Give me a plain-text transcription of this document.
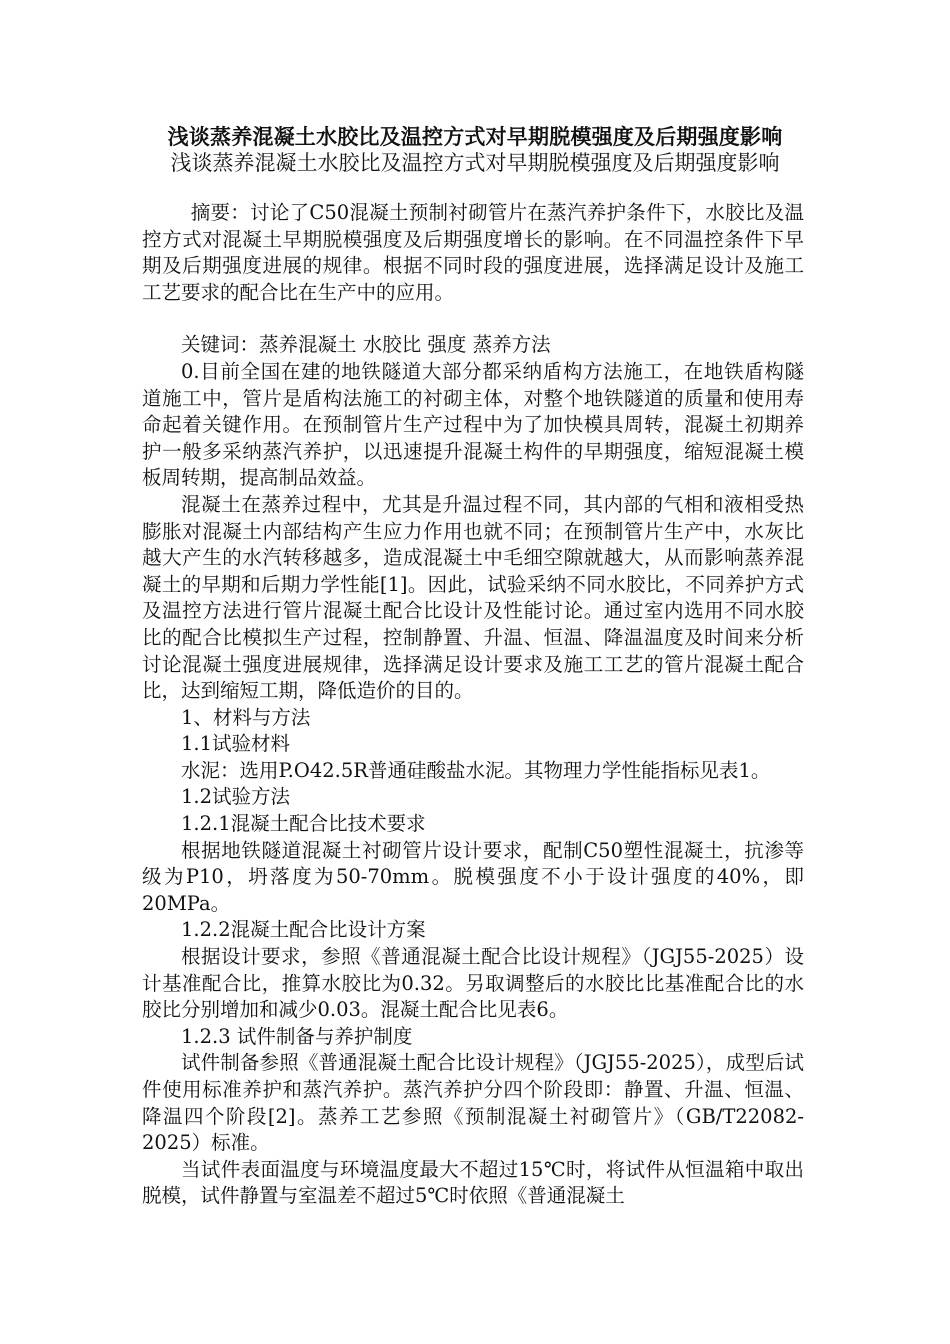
浅谈蒸养混凝土水胶比及温控方式对早期脱模强度及后期强度影响
浅谈蒸养混凝土水胶比及温控方式对早期脱模强度及后期强度影响

摘要：讨论了C50混凝土预制衬砌管片在蒸汽养护条件下，水胶比及温控方式对混凝土早期脱模强度及后期强度增长的影响。在不同温控条件下早期及后期强度进展的规律。根据不同时段的强度进展，选择满足设计及施工工艺要求的配合比在生产中的应用。

关键词：蒸养混凝土 水胶比 强度 蒸养方法

0.目前全国在建的地铁隧道大部分都采纳盾构方法施工，在地铁盾构隧道施工中，管片是盾构法施工的衬砌主体，对整个地铁隧道的质量和使用寿命起着关键作用。在预制管片生产过程中为了加快模具周转，混凝土初期养护一般多采纳蒸汽养护，以迅速提升混凝土构件的早期强度，缩短混凝土模板周转期，提高制品效益。

混凝土在蒸养过程中，尤其是升温过程不同，其内部的气相和液相受热膨胀对混凝土内部结构产生应力作用也就不同；在预制管片生产中，水灰比越大产生的水汽转移越多，造成混凝土中毛细空隙就越大，从而影响蒸养混凝土的早期和后期力学性能[1]。因此，试验采纳不同水胶比，不同养护方式及温控方法进行管片混凝土配合比设计及性能讨论。通过室内选用不同水胶比的配合比模拟生产过程，控制静置、升温、恒温、降温温度及时间来分析讨论混凝土强度进展规律，选择满足设计要求及施工工艺的管片混凝土配合比，达到缩短工期，降低造价的目的。

1、材料与方法

1.1试验材料

水泥：选用P.O42.5R普通硅酸盐水泥。其物理力学性能指标见表1。

1.2试验方法

1.2.1混凝土配合比技术要求

根据地铁隧道混凝土衬砌管片设计要求，配制C50塑性混凝土，抗渗等级为P10，坍落度为50-70mm。脱模强度不小于设计强度的40%，即20MPa。

1.2.2混凝土配合比设计方案

根据设计要求，参照《普通混凝土配合比设计规程》（JGJ55-2025）设计基准配合比，推算水胶比为0.32。另取调整后的水胶比比基准配合比的水胶比分别增加和减少0.03。混凝土配合比见表6。

1.2.3 试件制备与养护制度

试件制备参照《普通混凝土配合比设计规程》（JGJ55-2025），成型后试件使用标准养护和蒸汽养护。蒸汽养护分四个阶段即：静置、升温、恒温、降温四个阶段[2]。蒸养工艺参照《预制混凝土衬砌管片》（GB/T22082-2025）标准。

当试件表面温度与环境温度最大不超过15℃时，将试件从恒温箱中取出脱模，试件静置与室温差不超过5℃时依照《普通混凝土
